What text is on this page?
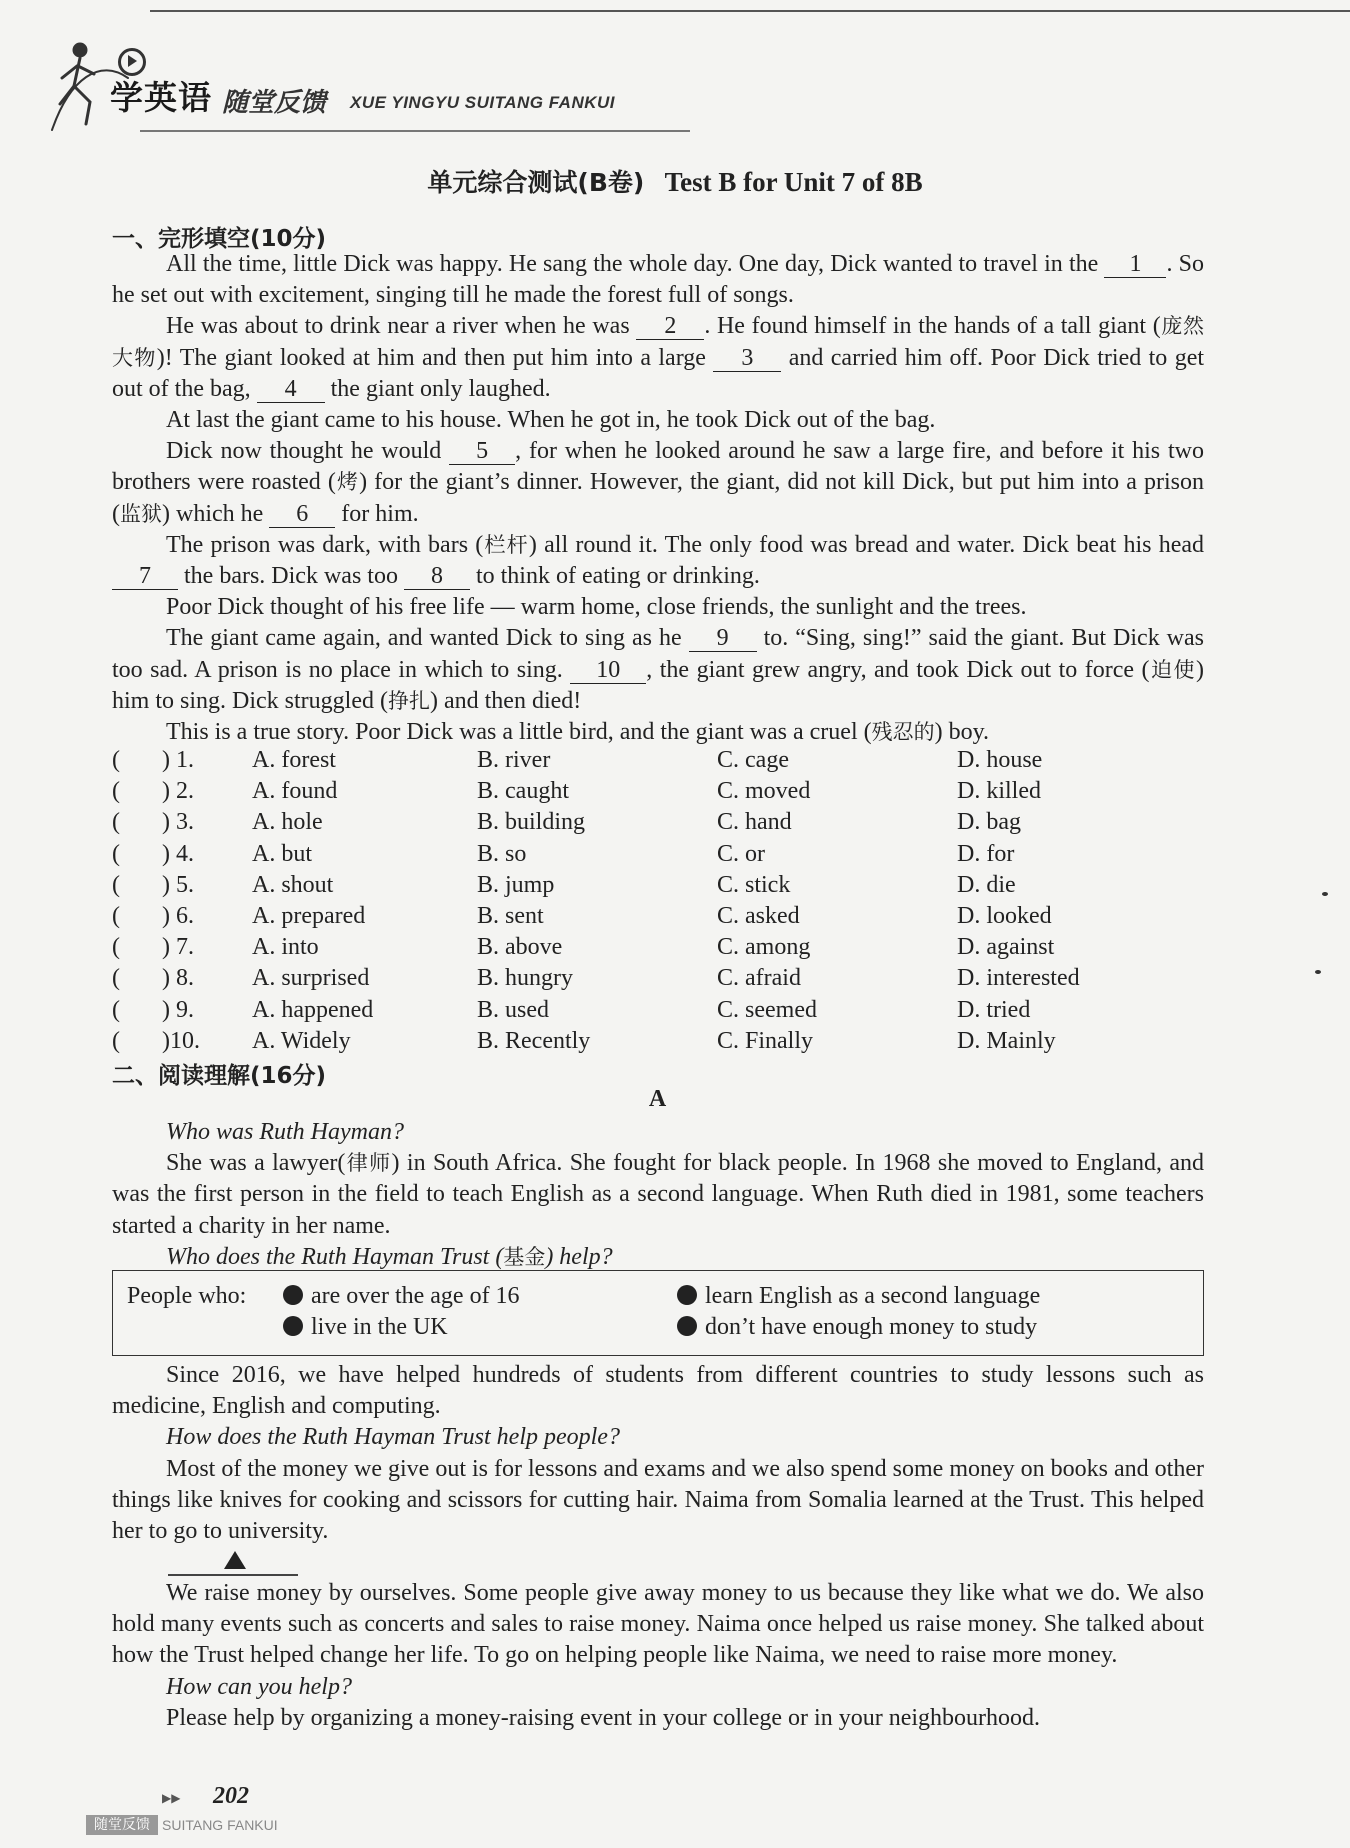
学英语 随堂反馈 XUE YINGYU SUITANG FANKUI
单元综合测试(B卷) Test B for Unit 7 of 8B
一、完形填空(10分)

All the time, little Dick was happy. He sang the whole day. One day, Dick wanted to travel in the 1 . So he set out with excitement, singing till he made the forest full of songs.

He was about to drink near a river when he was 2 . He found himself in the hands of a tall giant (庞然大物)! The giant looked at him and then put him into a large 3 and carried him off. Poor Dick tried to get out of the bag, 4 the giant only laughed.

At last the giant came to his house. When he got in, he took Dick out of the bag.

Dick now thought he would 5 , for when he looked around he saw a large fire, and before it his two brothers were roasted (烤) for the giant’s dinner. However, the giant, did not kill Dick, but put him into a prison (监狱) which he 6 for him.

The prison was dark, with bars (栏杆) all round it. The only food was bread and water. Dick beat his head 7 the bars. Dick was too 8 to think of eating or drinking.

Poor Dick thought of his free life — warm home, close friends, the sunlight and the trees.

The giant came again, and wanted Dick to sing as he 9 to. “Sing, sing!” said the giant. But Dick was too sad. A prison is no place in which to sing. 10 , the giant grew angry, and took Dick out to force (迫使) him to sing. Dick struggled (挣扎) and then died!

This is a true story. Poor Dick was a little bird, and the giant was a cruel (残忍的) boy.

( ) 1. A. forest	B. river	C. cage	D. house
( ) 2. A. found	B. caught	C. moved	D. killed
( ) 3. A. hole	B. building	C. hand	D. bag
( ) 4. A. but	B. so	C. or	D. for
( ) 5. A. shout	B. jump	C. stick	D. die
( ) 6. A. prepared	B. sent	C. asked	D. looked
( ) 7. A. into	B. above	C. among	D. against
( ) 8. A. surprised	B. hungry	C. afraid	D. interested
( ) 9. A. happened	B. used	C. seemed	D. tried
( )10. A. Widely	B. Recently	C. Finally	D. Mainly
二、阅读理解(16分)
A

Who was Ruth Hayman?

She was a lawyer(律师) in South Africa. She fought for black people. In 1968 she moved to England, and was the first person in the field to teach English as a second language. When Ruth died in 1981, some teachers started a charity in her name.

Who does the Ruth Hayman Trust (基金) help?

People who:	are over the age of 16	learn English as a second language
live in the UK	don’t have enough money to study

Since 2016, we have helped hundreds of students from different countries to study lessons such as medicine, English and computing.

How does the Ruth Hayman Trust help people?

Most of the money we give out is for lessons and exams and we also spend some money on books and other things like knives for cooking and scissors for cutting hair. Naima from Somalia learned at the Trust. This helped her to go to university.

We raise money by ourselves. Some people give away money to us because they like what we do. We also hold many events such as concerts and sales to raise money. Naima once helped us raise money. She talked about how the Trust helped change her life. To go on helping people like Naima, we need to raise more money.

How can you help?

Please help by organizing a money-raising event in your college or in your neighbourhood.

▶▶ 202
随堂反馈 SUITANG FANKUI
